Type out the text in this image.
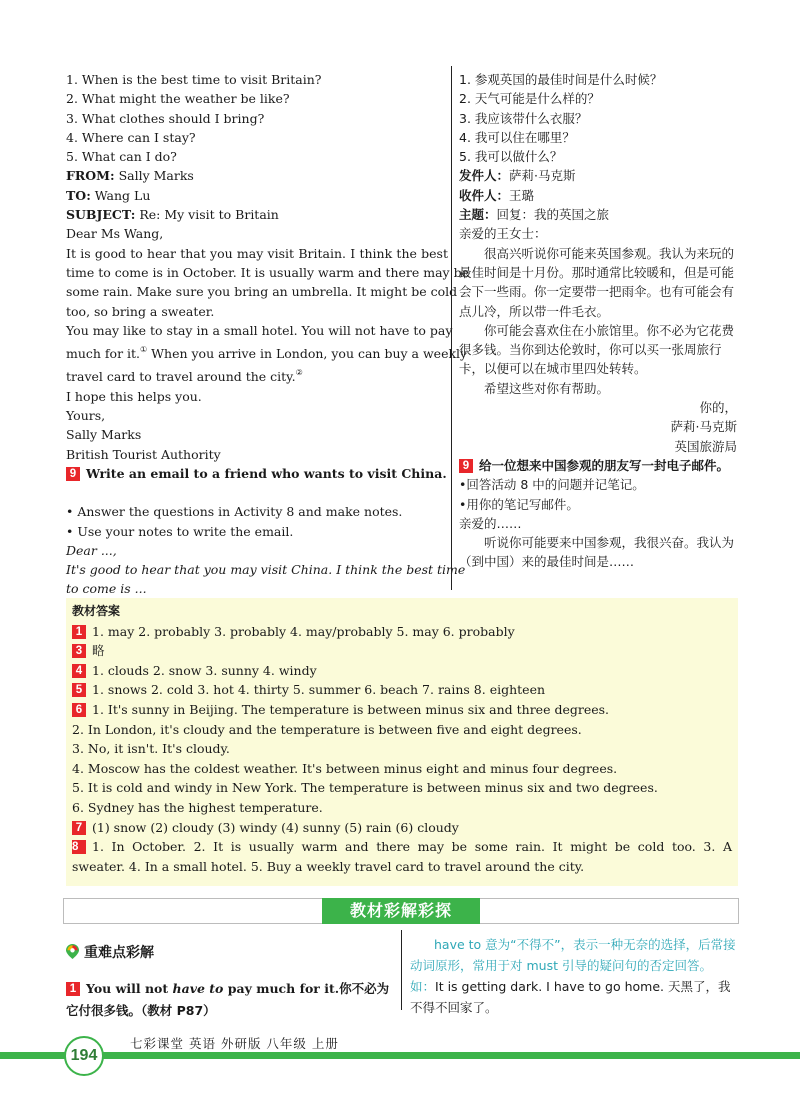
1. When is the best time to visit Britain?
2. What might the weather be like?
3. What clothes should I bring?
4. Where can I stay?
5. What can I do?
FROM: Sally Marks
TO: Wang Lu
SUBJECT: Re: My visit to Britain
Dear Ms Wang,
It is good to hear that you may visit Britain. I think the best
time to come is in October. It is usually warm and there may be
some rain. Make sure you bring an umbrella. It might be cold
too, so bring a sweater.
You may like to stay in a small hotel. You will not have to pay
much for it.① When you arrive in London, you can buy a weekly
travel card to travel around the city.②
I hope this helps you.
Yours,
Sally Marks
British Tourist Authority
9 Write an email to a friend who wants to visit China.
• Answer the questions in Activity 8 and make notes.
• Use your notes to write the email.
Dear ...,
It's good to hear that you may visit China. I think the best time
to come is ...
1. 参观英国的最佳时间是什么时候？
2. 天气可能是什么样的？
3. 我应该带什么衣服？
4. 我可以住在哪里？
5. 我可以做什么？
发件人：萨莉·马克斯
收件人：王璐
主题：回复：我的英国之旅
亲爱的王女士：
很高兴听说你可能来英国参观。我认为来玩的最佳时间是十月份。那时通常比较暖和，但是可能会下一些雨。你一定要带一把雨伞。也有可能会有点儿冷，所以带一件毛衣。
你可能会喜欢住在小旅馆里。你不必为它花费很多钱。当你到达伦敦时，你可以买一张周旅行卡，以便可以在城市里四处转转。
希望这些对你有帮助。
你的，
萨莉·马克斯
英国旅游局
9 给一位想来中国参观的朋友写一封电子邮件。
•回答活动 8 中的问题并记笔记。
•用你的笔记写邮件。
亲爱的……
听说你可能要来中国参观，我很兴奋。我认为（到中国）来的最佳时间是……
教材答案
1 1. may 2. probably 3. probably 4. may/probably 5. may 6. probably
3 略
4 1. clouds 2. snow 3. sunny 4. windy
5 1. snows 2. cold 3. hot 4. thirty 5. summer 6. beach 7. rains 8. eighteen
6 1. It's sunny in Beijing. The temperature is between minus six and three degrees.
2. In London, it's cloudy and the temperature is between five and eight degrees.
3. No, it isn't. It's cloudy.
4. Moscow has the coldest weather. It's between minus eight and minus four degrees.
5. It is cold and windy in New York. The temperature is between minus six and two degrees.
6. Sydney has the highest temperature.
7 (1) snow (2) cloudy (3) windy (4) sunny (5) rain (6) cloudy
8 1. In October. 2. It is usually warm and there may be some rain. It might be cold too. 3. A
sweater. 4. In a small hotel. 5. Buy a weekly travel card to travel around the city.
教材彩解彩探
重难点彩解
1 You will not have to pay much for it.你不必为它付很多钱。（教材 P87）
have to 意为“不得不”，表示一种无奈的选择，后常接动词原形，常用于对 must 引导的疑问句的否定回答。如：It is getting dark. I have to go home. 天黑了，我不得不回家了。
194
七彩课堂 英语 外研版 八年级 上册
